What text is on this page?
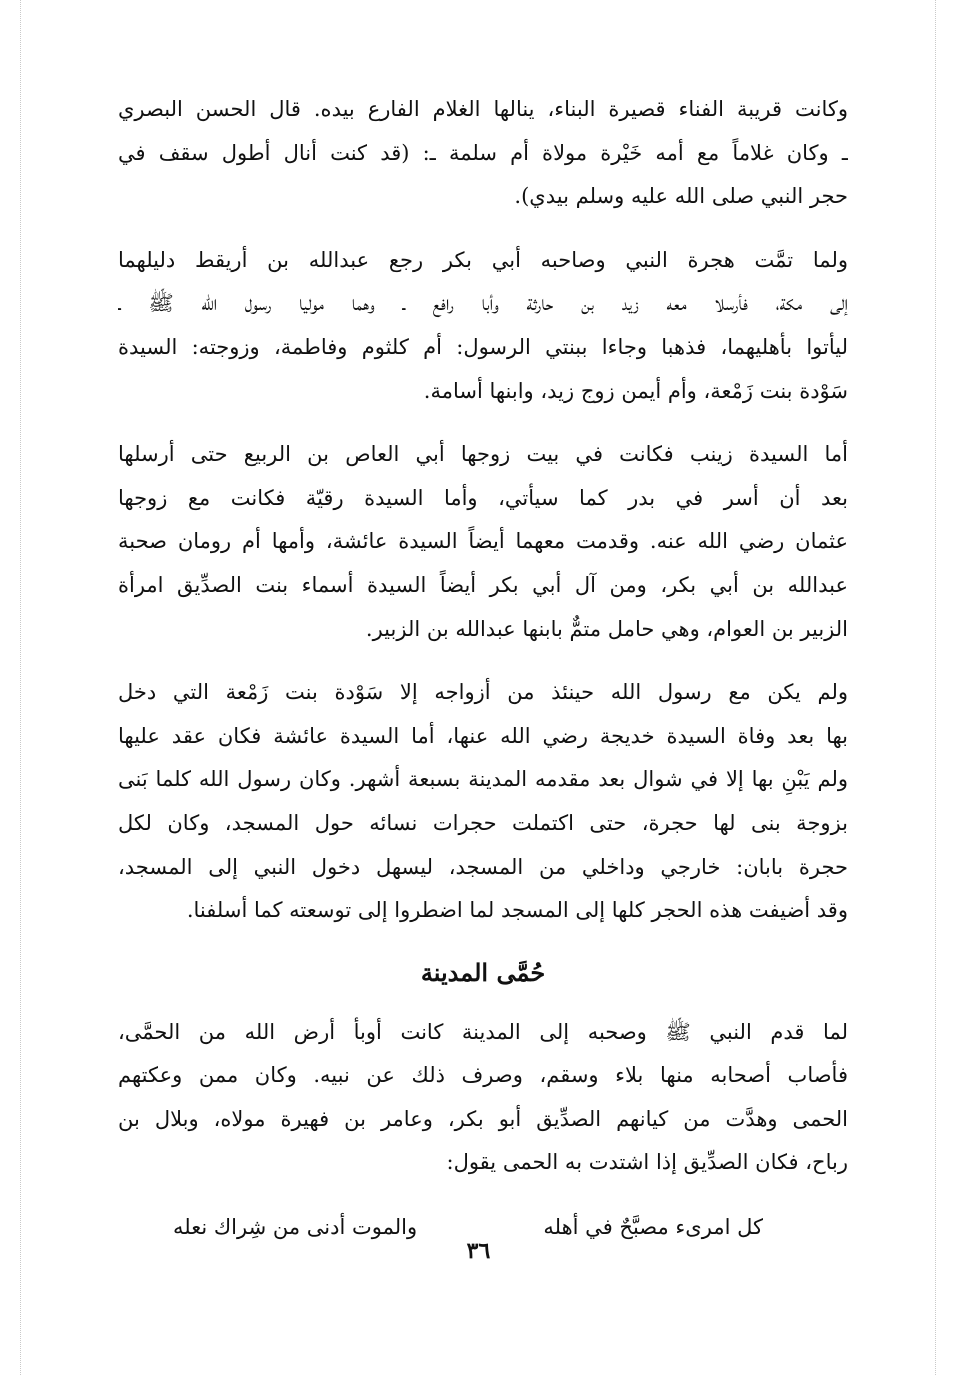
وكانت قريبة الفناء قصيرة البناء، ينالها الغلام الفارع بيده. قال الحسن البصري
ـ وكان غلاماً مع أمه خَيْرة مولاة أم سلمة ـ: (قد كنت أنال أطول سقف في
حجر النبي صلى الله عليه وسلم بيدي).
ولما تمَّت هجرة النبي وصاحبه أبي بكر رجع عبدالله بن أريقط دليلهما
إلى مكة، فأرسلا معه زيد بن حارثة وأبا رافع ـ وهما موليا رسول الله ﷺ ـ
ليأتوا بأهليهما، فذهبا وجاءا ببنتي الرسول: أم كلثوم وفاطمة، وزوجته: السيدة
سَوْدة بنت زَمْعة، وأم أيمن زوج زيد، وابنها أسامة.
أما السيدة زينب فكانت في بيت زوجها أبي العاص بن الربيع حتى أرسلها
بعد أن أسر في بدر كما سيأتي، وأما السيدة رقيّة فكانت مع زوجها
عثمان رضي الله عنه. وقدمت معهما أيضاً السيدة عائشة، وأمها أم رومان صحبة
عبدالله بن أبي بكر، ومن آل أبي بكر أيضاً السيدة أسماء بنت الصدِّيق امرأة
الزبير بن العوام، وهي حامل متمٌّ بابنها عبدالله بن الزبير.
ولم يكن مع رسول الله حينئذ من أزواجه إلا سَوْدة بنت زَمْعة التي دخل
بها بعد وفاة السيدة خديجة رضي الله عنها، أما السيدة عائشة فكان عقد عليها
ولم يَبْنِ بها إلا في شوال بعد مقدمه المدينة بسبعة أشهر. وكان رسول الله كلما بَنى
بزوجة بنى لها حجرة، حتى اكتملت حجرات نسائه حول المسجد، وكان لكل
حجرة بابان: خارجي وداخلي من المسجد، ليسهل دخول النبي إلى المسجد،
وقد أضيفت هذه الحجر كلها إلى المسجد لما اضطروا إلى توسعته كما أسلفنا.
حُمَّى المدينة
لما قدم النبي ﷺ وصحبه إلى المدينة كانت أوبأ أرض الله من الحمَّى،
فأصاب أصحابه منها بلاء وسقم، وصرف ذلك عن نبيه. وكان ممن وعكتهم
الحمى وهدَّت من كيانهم الصدِّيق أبو بكر، وعامر بن فهيرة مولاه، وبلال بن
رباح، فكان الصدِّيق إذا اشتدت به الحمى يقول:
كل امرىء مصبَّحٌ في أهله
والموت أدنى من شِراك نعله
٣٦
